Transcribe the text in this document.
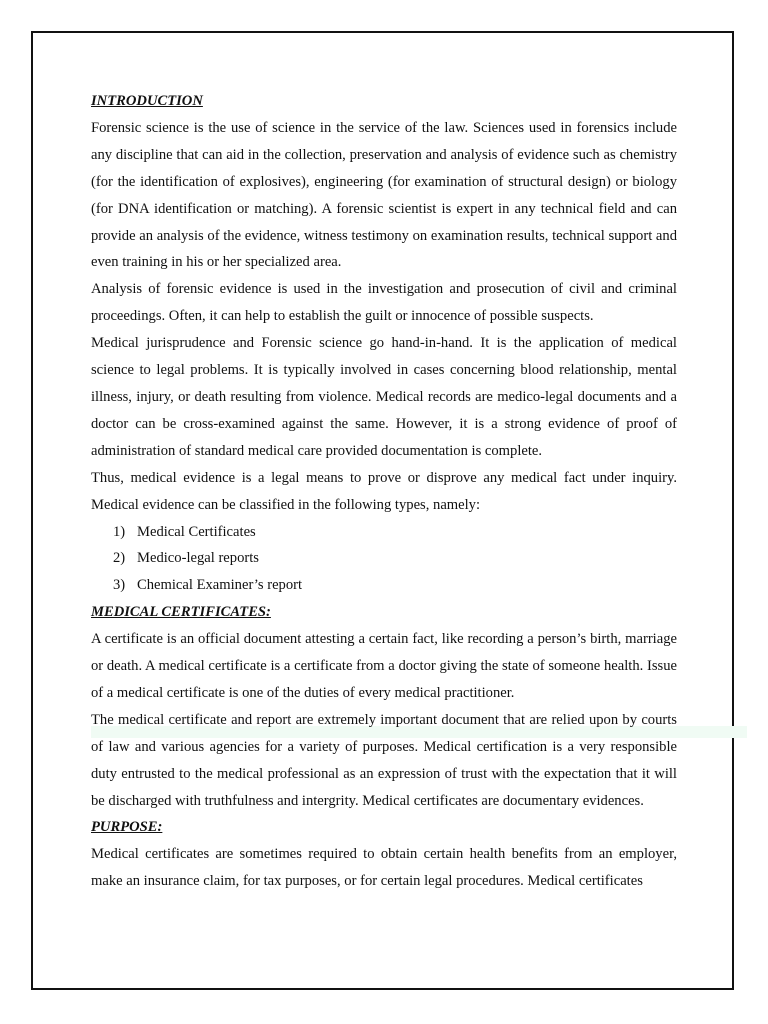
INTRODUCTION

Forensic science is the use of science in the service of the law. Sciences used in forensics include any discipline that can aid in the collection, preservation and analysis of evidence such as chemistry (for the identification of explosives), engineering (for examination of structural design) or biology (for DNA identification or matching). A forensic scientist is expert in any technical field and can provide an analysis of the evidence, witness testimony on examination results, technical support and even training in his or her specialized area.

Analysis of forensic evidence is used in the investigation and prosecution of civil and criminal proceedings. Often, it can help to establish the guilt or innocence of possible suspects.

Medical jurisprudence and Forensic science go hand-in-hand. It is the application of medical science to legal problems. It is typically involved in cases concerning blood relationship, mental illness, injury, or death resulting from violence. Medical records are medico-legal documents and a doctor can be cross-examined against the same. However, it is a strong evidence of proof of administration of standard medical care provided documentation is complete.

Thus, medical evidence is a legal means to prove or disprove any medical fact under inquiry. Medical evidence can be classified in the following types, namely:

1) Medical Certificates
2) Medico-legal reports
3) Chemical Examiner’s report

MEDICAL CERTIFICATES:

A certificate is an official document attesting a certain fact, like recording a person’s birth, marriage or death. A medical certificate is a certificate from a doctor giving the state of someone health. Issue of a medical certificate is one of the duties of every medical practitioner.

The medical certificate and report are extremely important document that are relied upon by courts of law and various agencies for a variety of purposes. Medical certification is a very responsible duty entrusted to the medical professional as an expression of trust with the expectation that it will be discharged with truthfulness and intergrity. Medical certificates are documentary evidences.

PURPOSE:

Medical certificates are sometimes required to obtain certain health benefits from an employer, make an insurance claim, for tax purposes, or for certain legal procedures. Medical certificates
